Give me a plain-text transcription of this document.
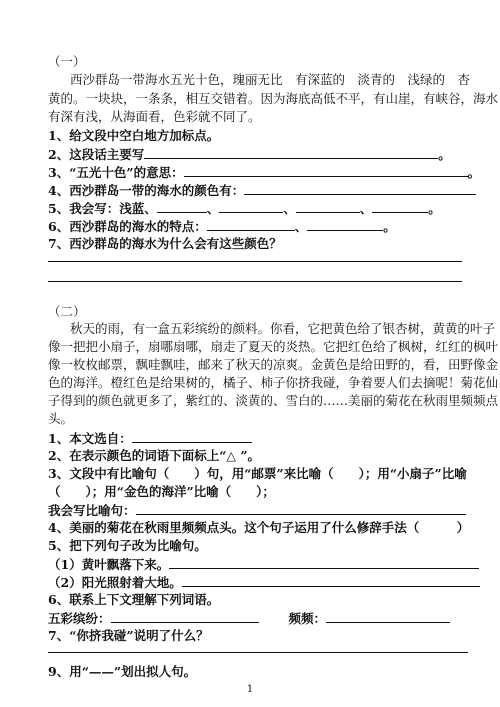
（一）
西沙群岛一带海水五光十色，瑰丽无比　有深蓝的　淡青的　浅绿的　杏
黄的。一块块，一条条，相互交错着。因为海底高低不平，有山崖，有峡谷，海水
有深有浅，从海面看，色彩就不同了。
1、给文段中空白地方加标点。
2、这段话主要写	。
3、“五光十色”的意思：	。
4、西沙群岛一带的海水的颜色有：
5、我会写：浅蓝、	、	、	、	。
6、西沙群岛的海水的特点：	、	。
7、西沙群岛的海水为什么会有这些颜色？
（二）
秋天的雨，有一盒五彩缤纷的颜料。你看，它把黄色给了银杏树，黄黄的叶子
像一把把小扇子，扇哪扇哪，扇走了夏天的炎热。它把红色给了枫树，红红的枫叶
像一枚枚邮票，飘哇飘哇，邮来了秋天的凉爽。金黄色是给田野的，看，田野像金
色的海洋。橙红色是给果树的，橘子、柿子你挤我碰，争着要人们去摘呢！菊花仙
子得到的颜色就更多了，紫红的、淡黄的、雪白的……美丽的菊花在秋雨里频频点
头。
1、本文选自：
2、在表示颜色的词语下面标上“△ ”。
3、文段中有比喻句（　　）句，用“邮票”来比喻（　　）；用“小扇子”比喻
（　　）；用“金色的海洋”比喻（　　）；
我会写比喻句：
4、美丽的菊花在秋雨里频频点头。这个句子运用了什么修辞手法（　　　）
5、把下列句子改为比喻句。
（1）黄叶飘落下来。
（2）阳光照射着大地。
6、联系上下文理解下列词语。
五彩缤纷：	频频：
7、“你挤我碰”说明了什么？
9、用“——”划出拟人句。
1
